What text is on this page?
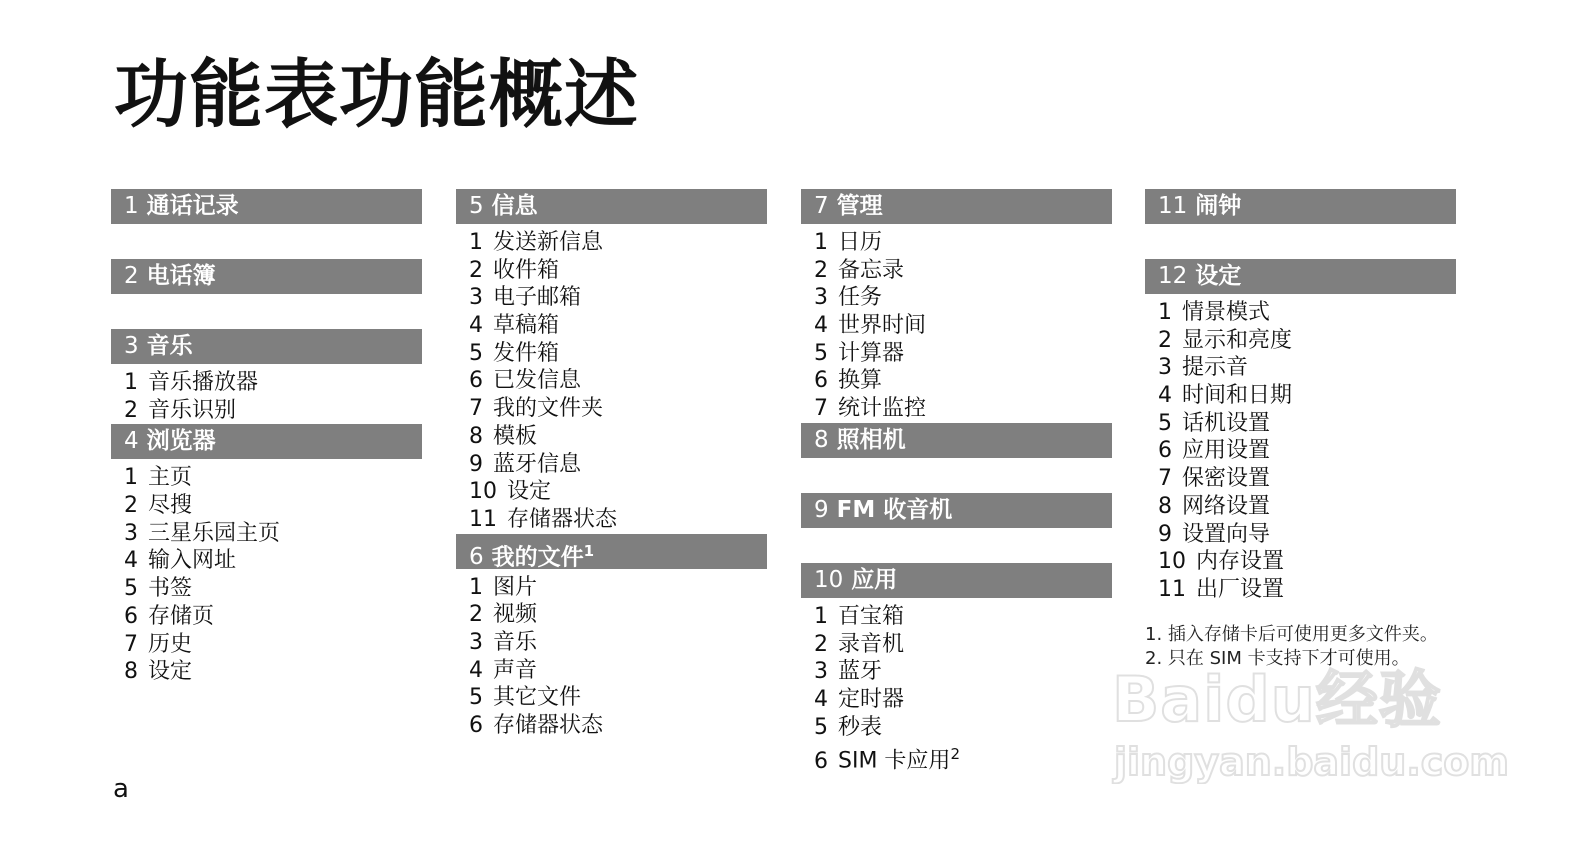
功能表功能概述
1 通话记录
2 电话簿
3 音乐
1 音乐播放器
2 音乐识别
4 浏览器
1 主页
2 尽搜
3 三星乐园主页
4 输入网址
5 书签
6 存储页
7 历史
8 设定
5 信息
1 发送新信息
2 收件箱
3 电子邮箱
4 草稿箱
5 发件箱
6 已发信息
7 我的文件夹
8 模板
9 蓝牙信息
10 设定
11 存储器状态
6 我的文件$^1$
1 图片
2 视频
3 音乐
4 声音
5 其它文件
6 存储器状态
7 管理
1 日历
2 备忘录
3 任务
4 世界时间
5 计算器
6 换算
7 统计监控
8 照相机
9 FM 收音机
10 应用
1 百宝箱
2 录音机
3 蓝牙
4 定时器
5 秒表
6 SIM 卡应用$^2$
11 闹钟
12 设定
1 情景模式
2 显示和亮度
3 提示音
4 时间和日期
5 话机设置
6 应用设置
7 保密设置
8 网络设置
9 设置向导
10 内存设置
11 出厂设置
1. 插入存储卡后可使用更多文件夹。
2. 只在 SIM 卡支持下才可使用。
Baidu经验
jingyan.baidu.com
a
